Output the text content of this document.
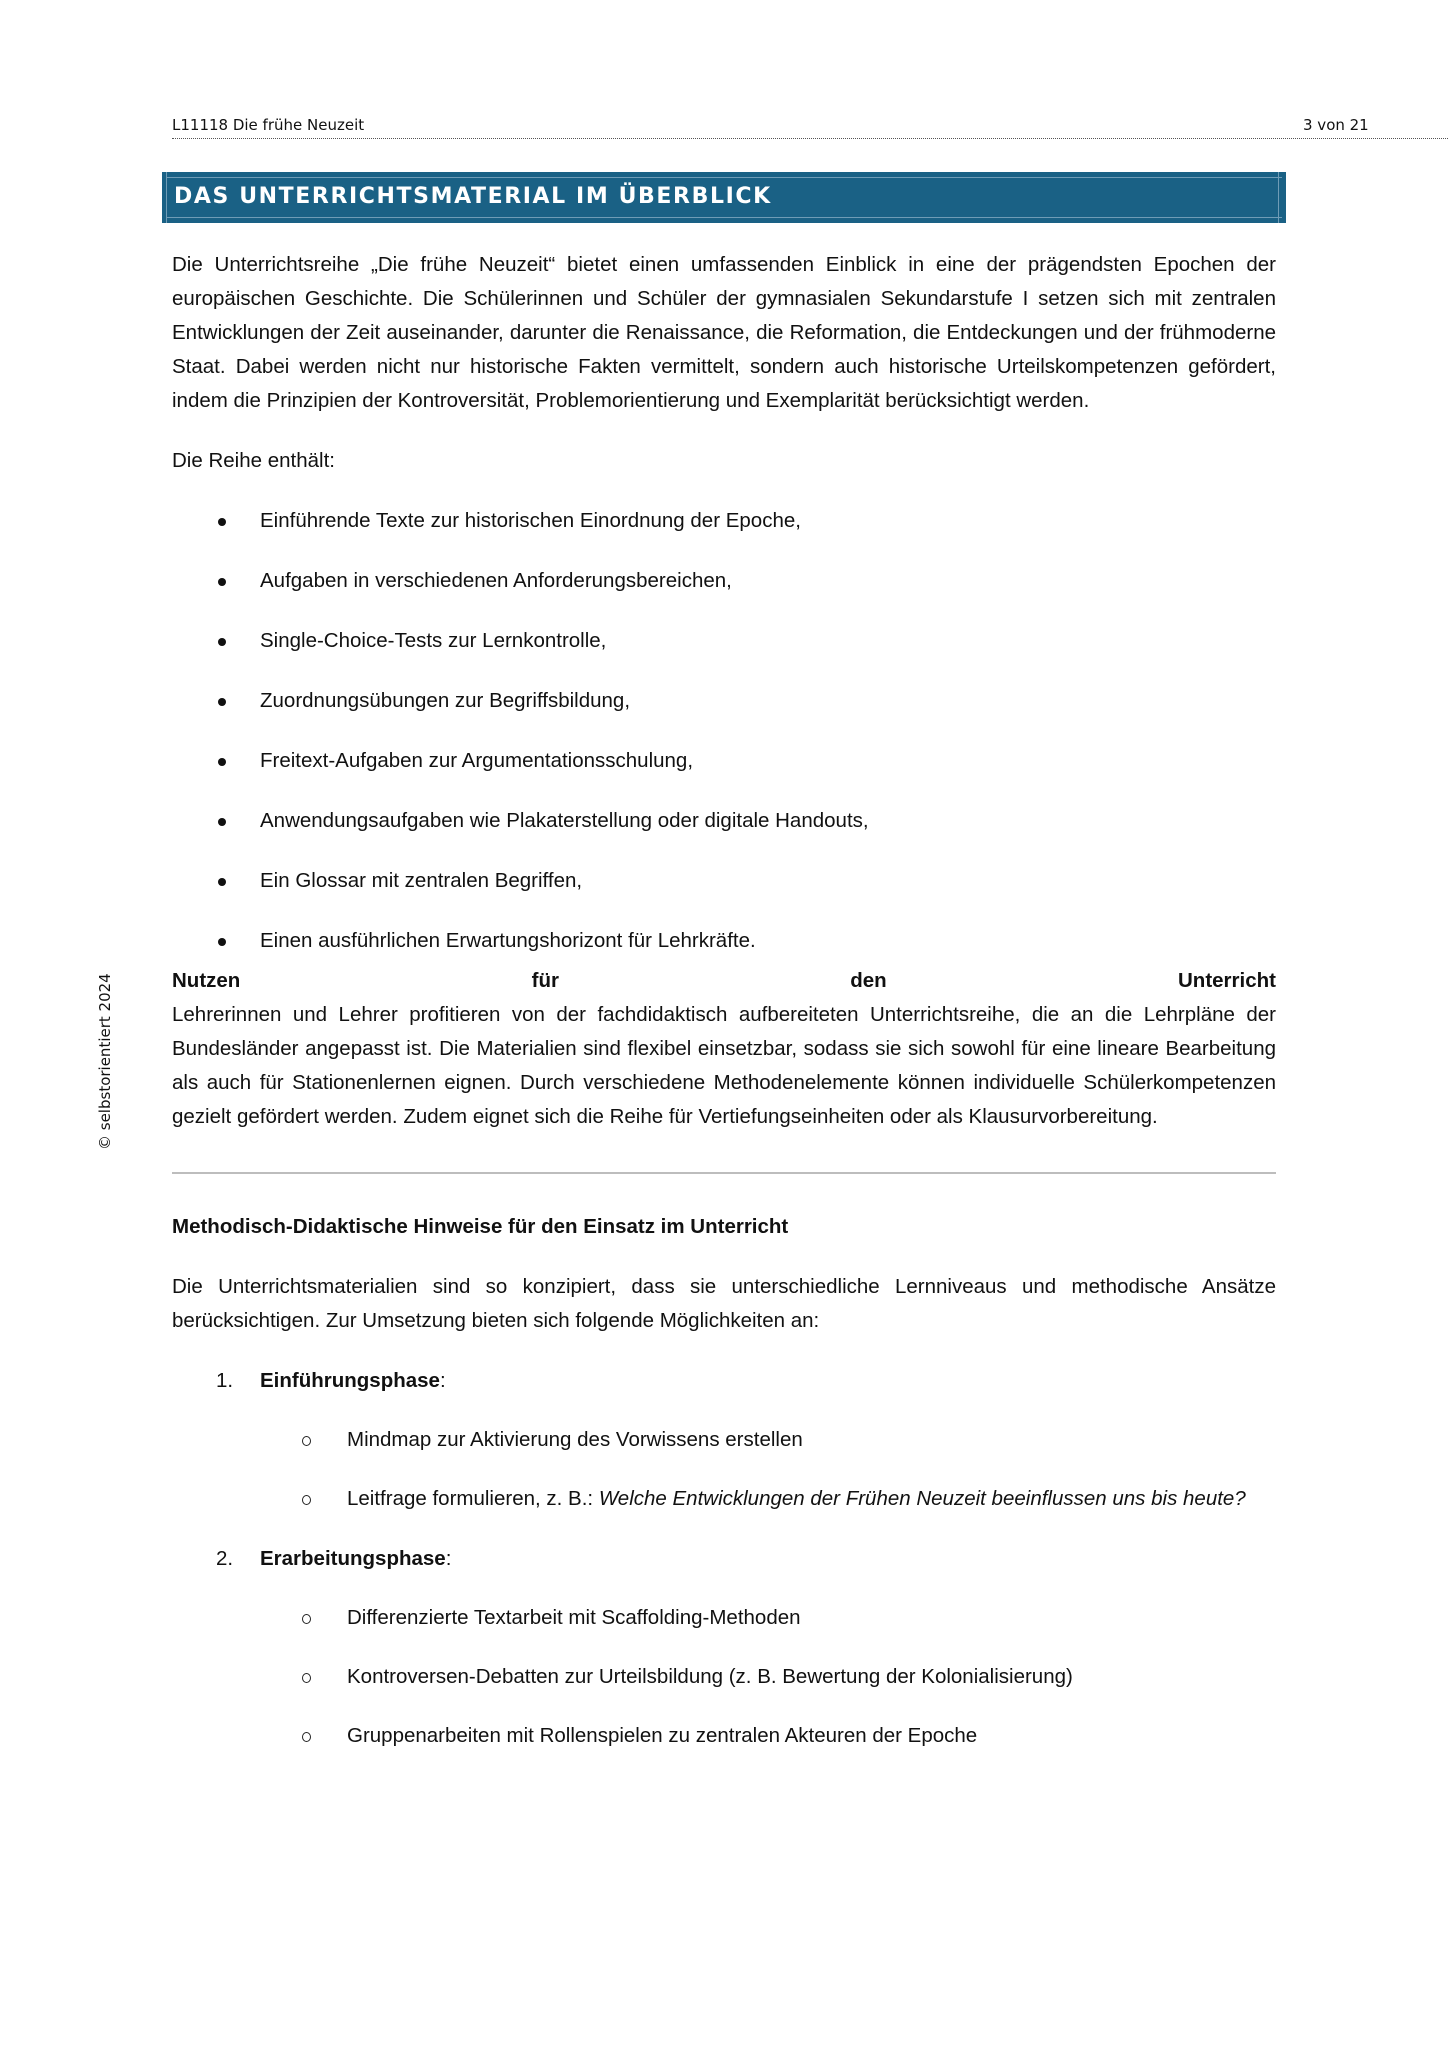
L11118 Die frühe Neuzeit	3 von 21
DAS UNTERRICHTSMATERIAL IM ÜBERBLICK
© selbstorientiert 2024

Die Unterrichtsreihe „Die frühe Neuzeit“ bietet einen umfassenden Einblick in eine der prägendsten Epochen der europäischen Geschichte. Die Schülerinnen und Schüler der gymnasialen Sekundarstufe I setzen sich mit zentralen Entwicklungen der Zeit auseinander, darunter die Renaissance, die Reformation, die Entdeckungen und der frühmoderne Staat. Dabei werden nicht nur historische Fakten vermittelt, sondern auch historische Urteilskompetenzen gefördert, indem die Prinzipien der Kontroversität, Problemorientierung und Exemplarität berücksichtigt werden.

Die Reihe enthält:

Einführende Texte zur historischen Einordnung der Epoche,
Aufgaben in verschiedenen Anforderungsbereichen,
Single-Choice-Tests zur Lernkontrolle,
Zuordnungsübungen zur Begriffsbildung,
Freitext-Aufgaben zur Argumentationsschulung,
Anwendungsaufgaben wie Plakaterstellung oder digitale Handouts,
Ein Glossar mit zentralen Begriffen,
Einen ausführlichen Erwartungshorizont für Lehrkräfte.
Nutzen	für	den	Unterricht

Lehrerinnen und Lehrer profitieren von der fachdidaktisch aufbereiteten Unterrichtsreihe, die an die Lehrpläne der Bundesländer angepasst ist. Die Materialien sind flexibel einsetzbar, sodass sie sich sowohl für eine lineare Bearbeitung als auch für Stationenlernen eignen. Durch verschiedene Methodenelemente können individuelle Schülerkompetenzen gezielt gefördert werden. Zudem eignet sich die Reihe für Vertiefungseinheiten oder als Klausurvorbereitung.

Methodisch-Didaktische Hinweise für den Einsatz im Unterricht

Die Unterrichtsmaterialien sind so konzipiert, dass sie unterschiedliche Lernniveaus und methodische Ansätze berücksichtigen. Zur Umsetzung bieten sich folgende Möglichkeiten an:

1. Einführungsphase:
Mindmap zur Aktivierung des Vorwissens erstellen
Leitfrage formulieren, z. B.: Welche Entwicklungen der Frühen Neuzeit beeinflussen uns bis heute?
2. Erarbeitungsphase:
Differenzierte Textarbeit mit Scaffolding-Methoden
Kontroversen-Debatten zur Urteilsbildung (z. B. Bewertung der Kolonialisierung)
Gruppenarbeiten mit Rollenspielen zu zentralen Akteuren der Epoche
